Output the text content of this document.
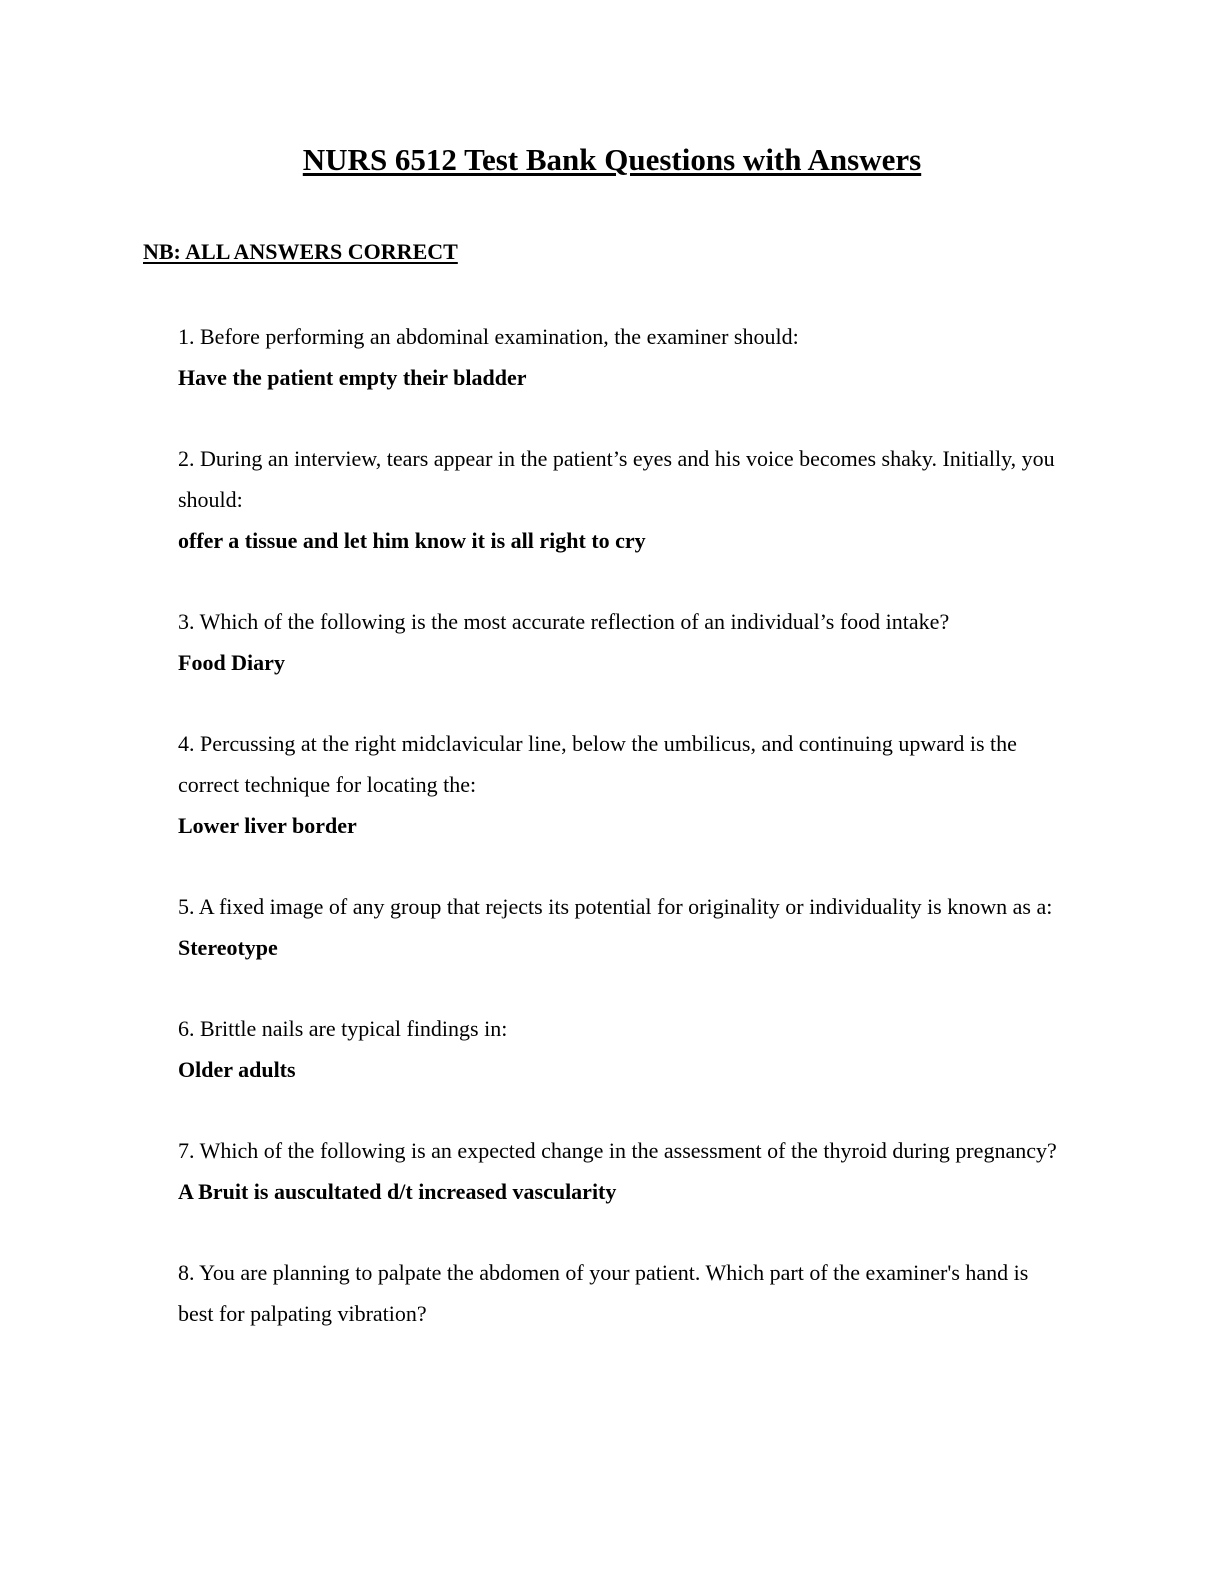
NURS 6512 Test Bank Questions with Answers
NB: ALL ANSWERS CORRECT

1. Before performing an abdominal examination, the examiner should:

Have the patient empty their bladder

2. During an interview, tears appear in the patient’s eyes and his voice becomes shaky. Initially, you should:

offer a tissue and let him know it is all right to cry

3. Which of the following is the most accurate reflection of an individual’s food intake?

Food Diary

4. Percussing at the right midclavicular line, below the umbilicus, and continuing upward is the correct technique for locating the:

Lower liver border

5. A fixed image of any group that rejects its potential for originality or individuality is known as a:

Stereotype

6. Brittle nails are typical findings in:

Older adults

7. Which of the following is an expected change in the assessment of the thyroid during pregnancy?

A Bruit is auscultated d/t increased vascularity

8. You are planning to palpate the abdomen of your patient. Which part of the examiner's hand is best for palpating vibration?
